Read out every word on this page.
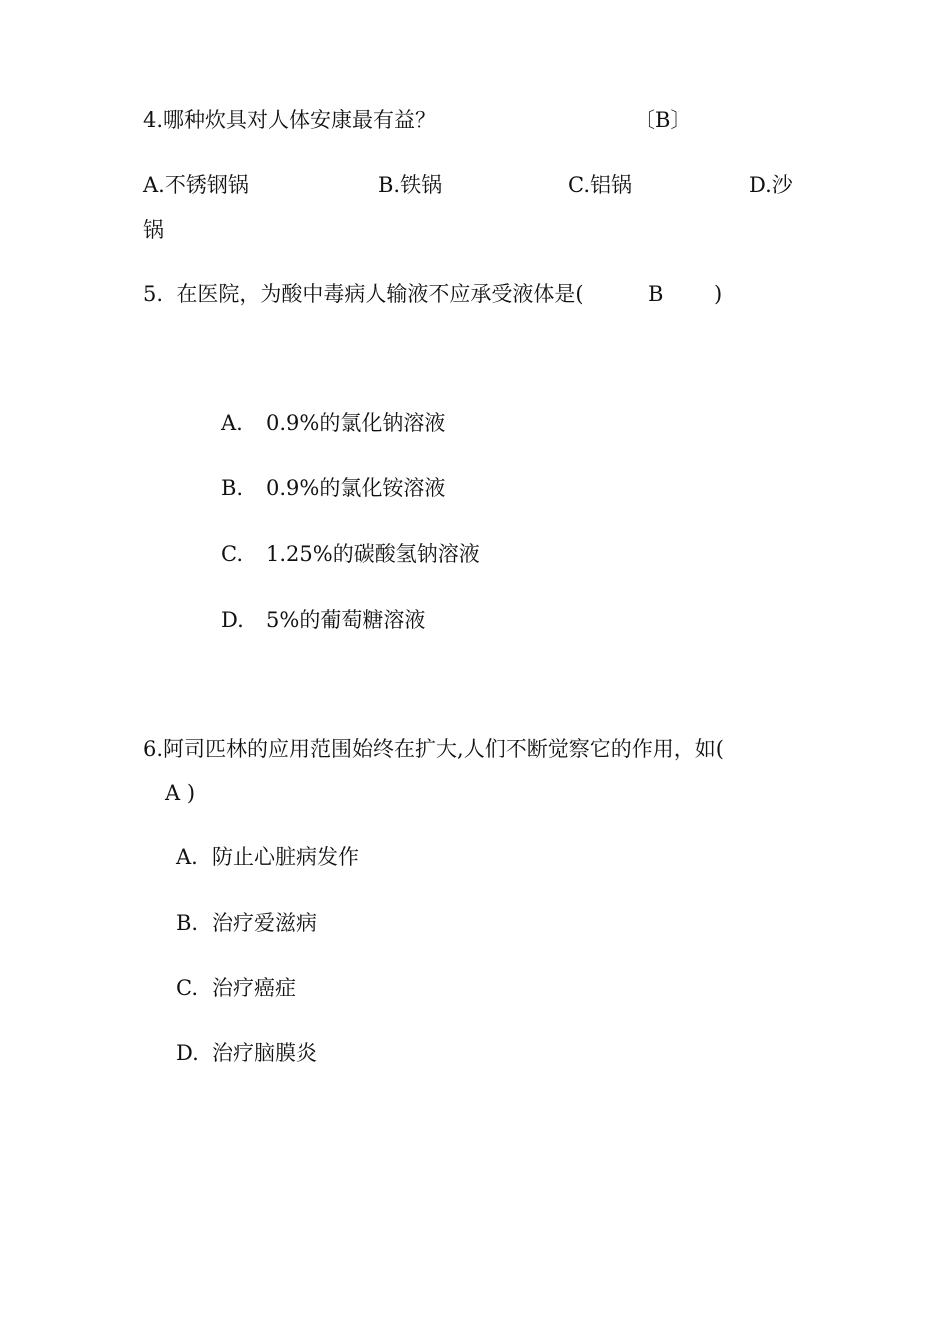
4.哪种炊具对人体安康最有益？	〔B〕
A.不锈钢锅	B.铁锅	C.铝锅	D.沙
锅
5.  在医院，为酸中毒病人输液不应承受液体是(	B )
A. 0.9%的氯化钠溶液
B. 0.9%的氯化铵溶液
C. 1.25%的碳酸氢钠溶液
D. 5%的葡萄糖溶液
6.阿司匹林的应用范围始终在扩大,人们不断觉察它的作用，如(
A )
A. 防止心脏病发作
B. 治疗爱滋病
C. 治疗癌症
D. 治疗脑膜炎
